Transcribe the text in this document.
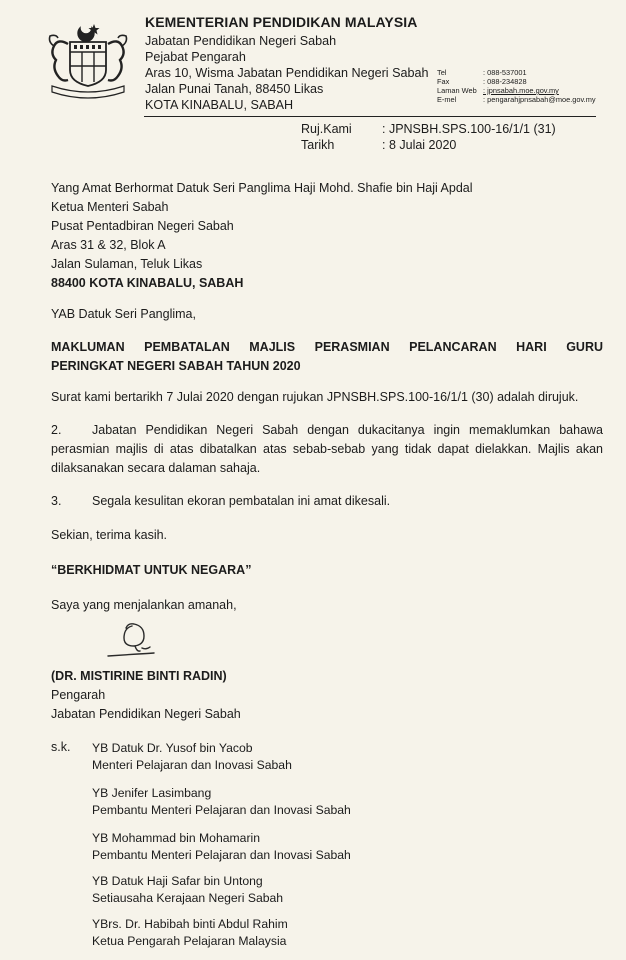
KEMENTERIAN PENDIDIKAN MALAYSIA
Jabatan Pendidikan Negeri Sabah
Pejabat Pengarah
Aras 10, Wisma Jabatan Pendidikan Negeri Sabah
Jalan Punai Tanah, 88450 Likas
KOTA KINABALU, SABAH
Tel	: 088-537001
Fax	: 088-234828
Laman Web : jpnsabah.moe.gov.my
E-mel	: pengarahjpnsabah@moe.gov.my
Ruj.Kami : JPNSBH.SPS.100-16/1/1 (31)
Tarikh	: 8 Julai 2020
Yang Amat Berhormat Datuk Seri Panglima Haji Mohd. Shafie bin Haji Apdal
Ketua Menteri Sabah
Pusat Pentadbiran Negeri Sabah
Aras 31 & 32, Blok A
Jalan Sulaman, Teluk Likas
88400 KOTA KINABALU, SABAH
YAB Datuk Seri Panglima,
MAKLUMAN PEMBATALAN MAJLIS PERASMIAN PELANCARAN HARI GURU
PERINGKAT NEGERI SABAH TAHUN 2020
Surat kami bertarikh 7 Julai 2020 dengan rujukan JPNSBH.SPS.100-16/1/1 (30) adalah dirujuk.
2. Jabatan Pendidikan Negeri Sabah dengan dukacitanya ingin memaklumkan bahawa
perasmian majlis di atas dibatalkan atas sebab-sebab yang tidak dapat dielakkan. Majlis akan
dilaksanakan secara dalaman sahaja.
3. Segala kesulitan ekoran pembatalan ini amat dikesali.
Sekian, terima kasih.
“BERKHIDMAT UNTUK NEGARA”
Saya yang menjalankan amanah,
(DR. MISTIRINE BINTI RADIN)
Pengarah
Jabatan Pendidikan Negeri Sabah
s.k. YB Datuk Dr. Yusof bin Yacob
Menteri Pelajaran dan Inovasi Sabah
YB Jenifer Lasimbang
Pembantu Menteri Pelajaran dan Inovasi Sabah
YB Mohammad bin Mohamarin
Pembantu Menteri Pelajaran dan Inovasi Sabah
YB Datuk Haji Safar bin Untong
Setiausaha Kerajaan Negeri Sabah
YBrs. Dr. Habibah binti Abdul Rahim
Ketua Pengarah Pelajaran Malaysia
